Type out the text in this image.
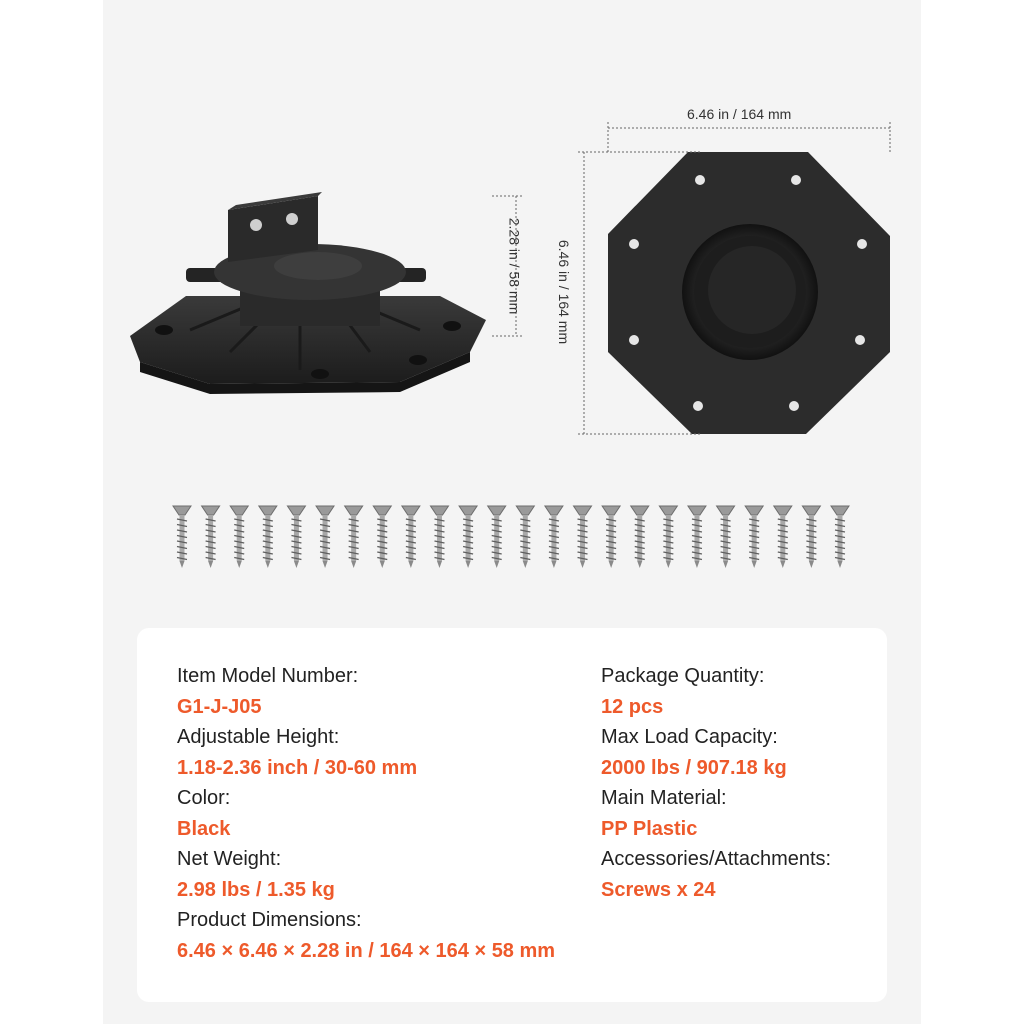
6.46 in / 164 mm
2.28 in / 58 mm 6.46 in / 164 mm
Item Model Number:
G1-J-J05
Adjustable Height:
1.18-2.36 inch / 30-60 mm
Color:
Black
Net Weight:
2.98 lbs / 1.35 kg
Product Dimensions:
6.46 × 6.46 × 2.28 in / 164 × 164 × 58 mm
Package Quantity:
12 pcs
Max Load Capacity:
2000 lbs / 907.18 kg
Main Material:
PP Plastic
Accessories/Attachments:
Screws x 24
